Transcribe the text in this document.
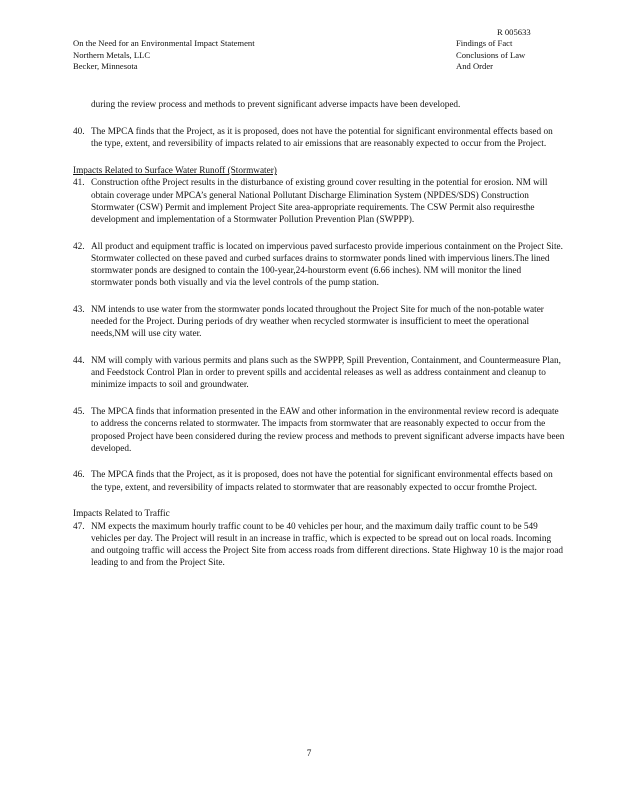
R 005633
On the Need for an Environmental Impact Statement
Northern Metals, LLC
Becker, Minnesota
Findings of Fact
Conclusions of Law
And Order

during the review process and methods to prevent significant adverse impacts have been developed.

40. The MPCA finds that the Project, as it is proposed, does not have the potential for significant environmental effects based on the type, extent, and reversibility of impacts related to air emissions that are reasonably expected to occur from the Project.

Impacts Related to Surface Water Runoff (Stormwater)

41. Construction ofthe Project results in the disturbance of existing ground cover resulting in the potential for erosion. NM will obtain coverage under MPCA’s general National Pollutant Discharge Elimination System (NPDES/SDS) Construction Stormwater (CSW) Permit and implement Project Site area-appropriate requirements. The CSW Permit also requiresthe development and implementation of a Stormwater Pollution Prevention Plan (SWPPP).
42. All product and equipment traffic is located on impervious paved surfacesto provide imperious containment on the Project Site. Stormwater collected on these paved and curbed surfaces drains to stormwater ponds lined with impervious liners.The lined stormwater ponds are designed to contain the 100-year,24-hourstorm event (6.66 inches). NM will monitor the lined stormwater ponds both visually and via the level controls of the pump station.
43. NM intends to use water from the stormwater ponds located throughout the Project Site for much of the non-potable water needed for the Project. During periods of dry weather when recycled stormwater is insufficient to meet the operational needs,NM will use city water.
44. NM will comply with various permits and plans such as the SWPPP, Spill Prevention, Containment, and Countermeasure Plan, and Feedstock Control Plan in order to prevent spills and accidental releases as well as address containment and cleanup to minimize impacts to soil and groundwater.
45. The MPCA finds that information presented in the EAW and other information in the environmental review record is adequate to address the concerns related to stormwater. The impacts from stormwater that are reasonably expected to occur from the proposed Project have been considered during the review process and methods to prevent significant adverse impacts have been developed.
46. The MPCA finds that the Project, as it is proposed, does not have the potential for significant environmental effects based on the type, extent, and reversibility of impacts related to stormwater that are reasonably expected to occur fromthe Project.

Impacts Related to Traffic

47. NM expects the maximum hourly traffic count to be 40 vehicles per hour, and the maximum daily traffic count to be 549 vehicles per day. The Project will result in an increase in traffic, which is expected to be spread out on local roads. Incoming and outgoing traffic will access the Project Site from access roads from different directions. State Highway 10 is the major road leading to and from the Project Site.
7
